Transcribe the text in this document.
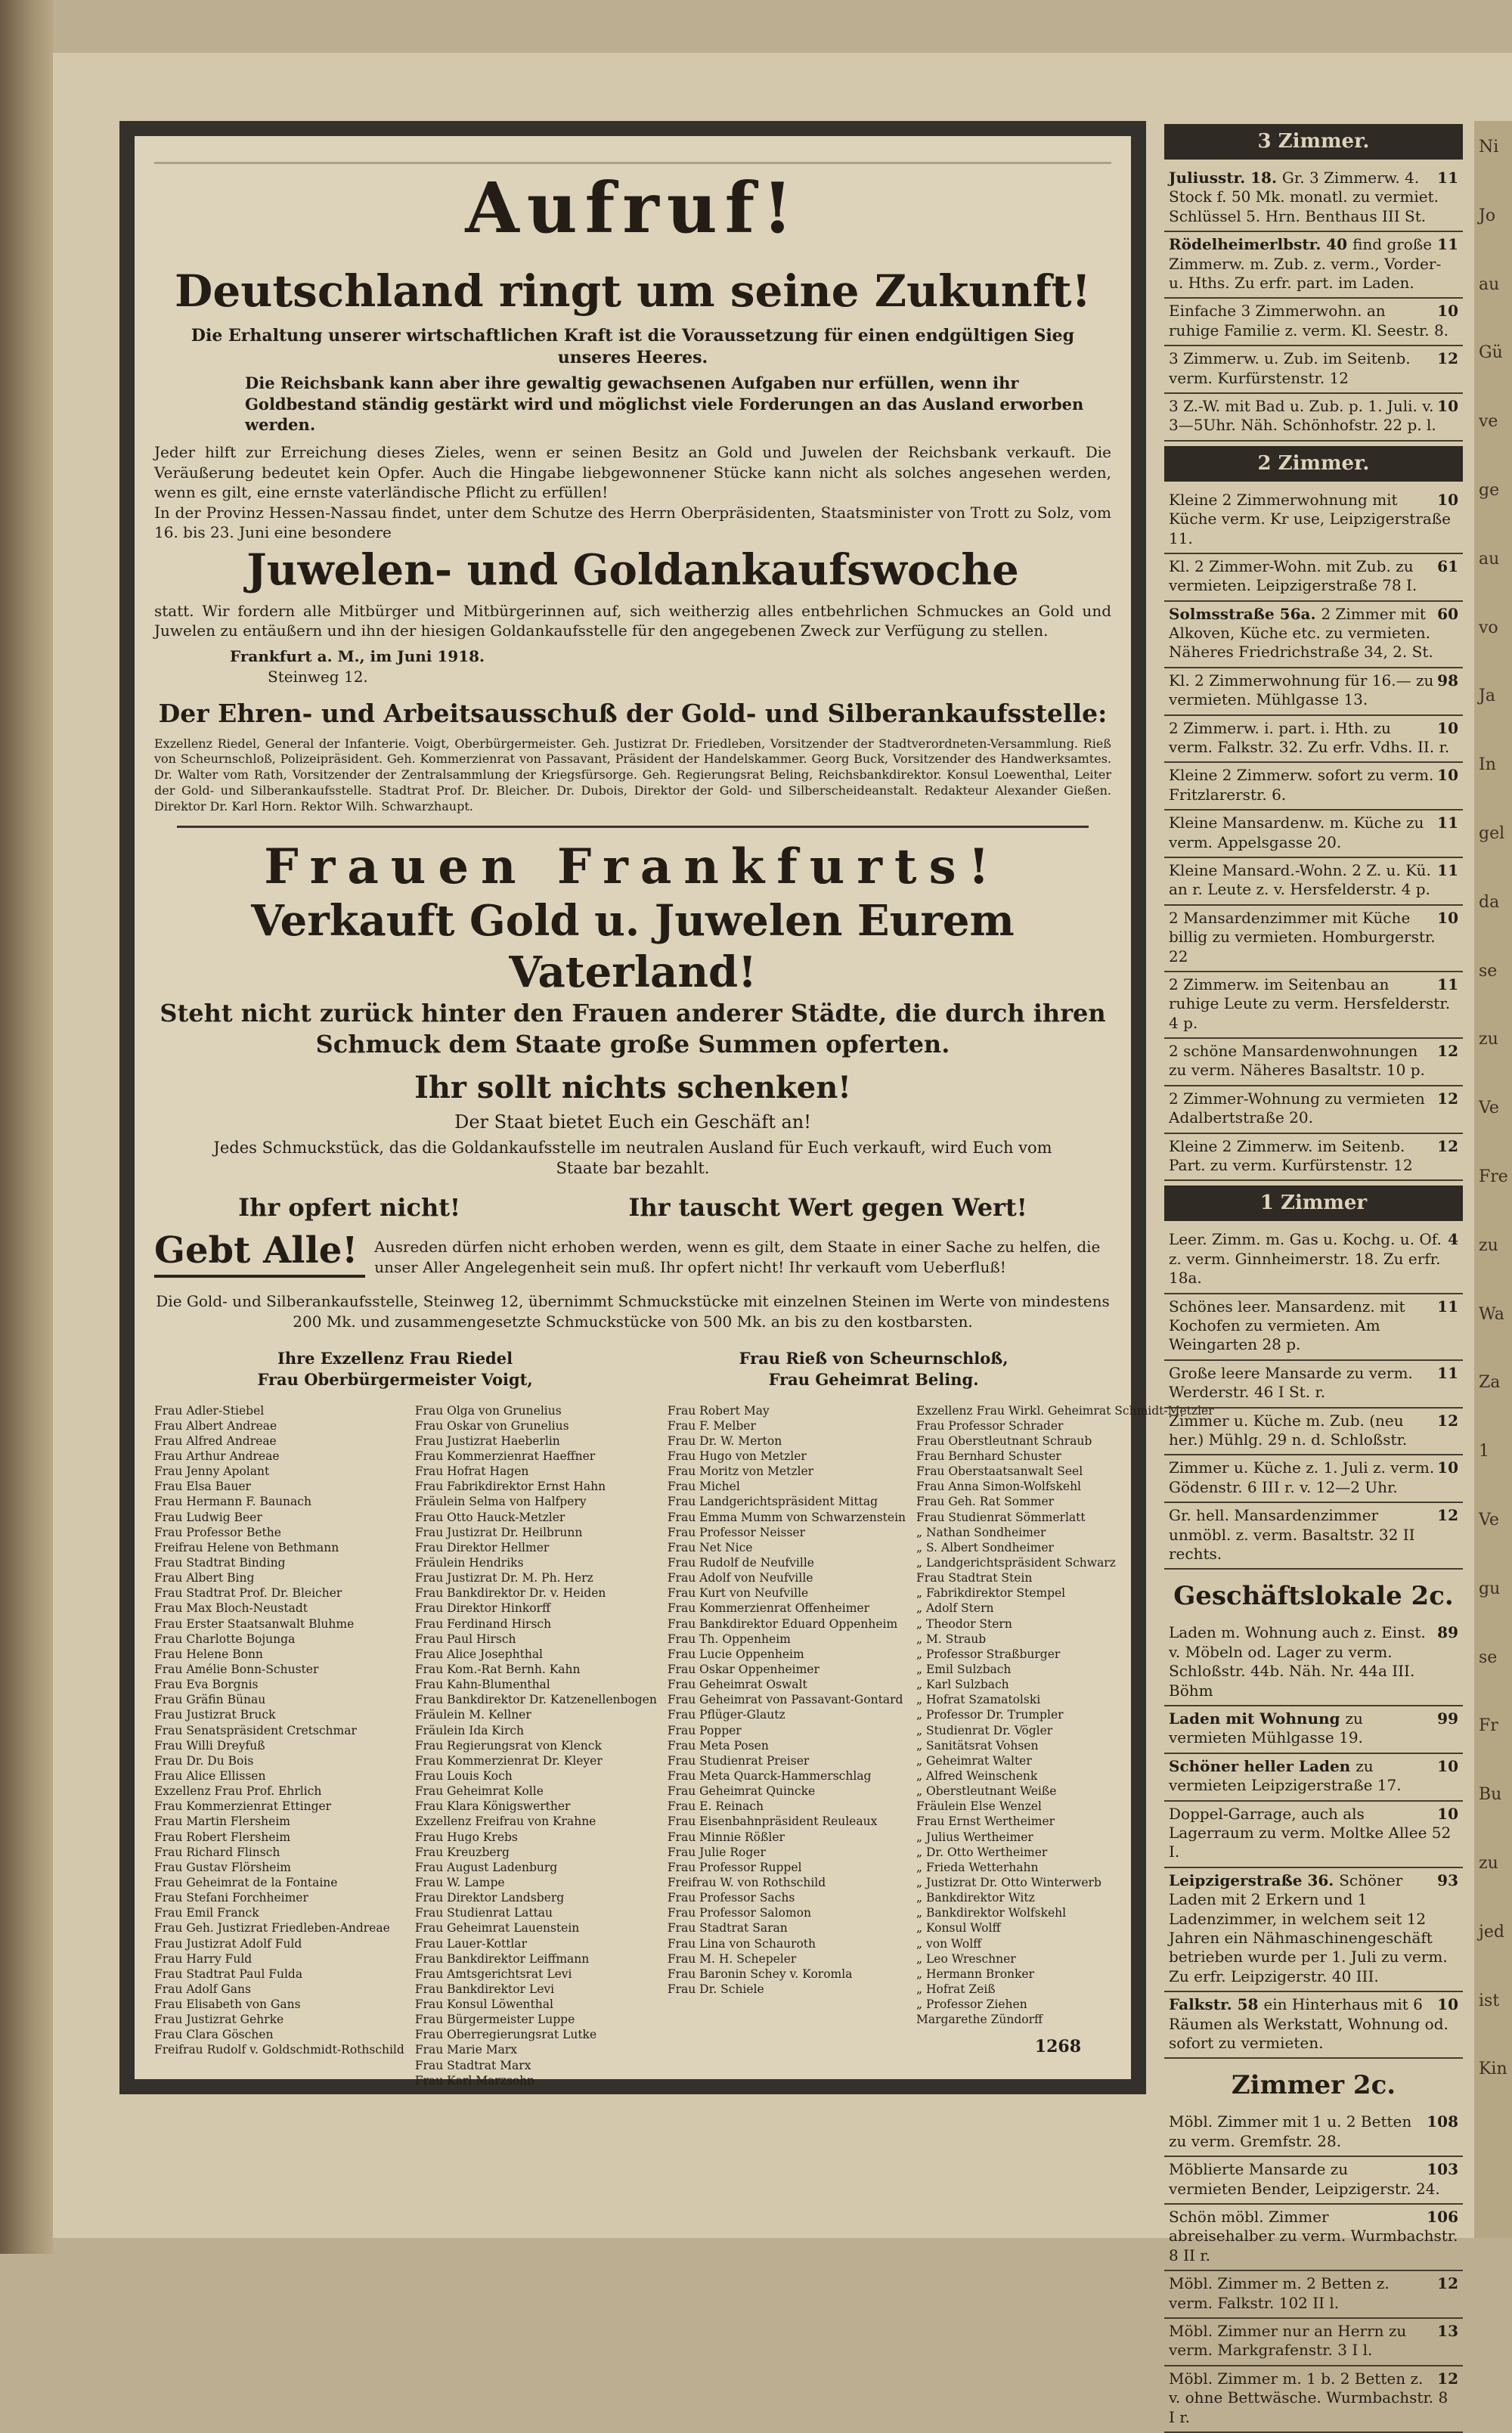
Aufruf!
Deutschland ringt um seine Zukunft!
Die Erhaltung unserer wirtschaftlichen Kraft ist die Voraussetzung für einen endgültigen Sieg unseres Heeres.
Die Reichsbank kann aber ihre gewaltig gewachsenen Aufgaben nur erfüllen, wenn ihr Goldbestand ständig gestärkt wird und möglichst viele Forderungen an das Ausland erworben werden.
Jeder hilft zur Erreichung dieses Zieles, wenn er seinen Besitz an Gold und Juwelen der Reichsbank verkauft. Die Veräußerung bedeutet kein Opfer. Auch die Hingabe liebgewonnener Stücke kann nicht als solches angesehen werden, wenn es gilt, eine ernste vaterländische Pflicht zu erfüllen!
In der Provinz Hessen-Nassau findet, unter dem Schutze des Herrn Oberpräsidenten, Staatsminister von Trott zu Solz, vom 16. bis 23. Juni eine besondere
Juwelen- und Goldankaufswoche
statt. Wir fordern alle Mitbürger und Mitbürgerinnen auf, sich weitherzig alles entbehrlichen Schmuckes an Gold und Juwelen zu entäußern und ihn der hiesigen Goldankaufsstelle für den angegebenen Zweck zur Verfügung zu stellen.
Frankfurt a. M., im Juni 1918.
Steinweg 12.
Der Ehren- und Arbeitsausschuß der Gold- und Silberankaufsstelle:
Exzellenz Riedel, General der Infanterie. Voigt, Oberbürgermeister. Geh. Justizrat Dr. Friedleben, Vorsitzender der Stadtverordneten-Versammlung. Rieß von Scheurnschloß, Polizeipräsident. Geh. Kommerzienrat von Passavant, Präsident der Handelskammer. Georg Buck, Vorsitzender des Handwerksamtes. Dr. Walter vom Rath, Vorsitzender der Zentralsammlung der Kriegsfürsorge. Geh. Regierungsrat Beling, Reichsbankdirektor. Konsul Loewenthal, Leiter der Gold- und Silberankaufsstelle. Stadtrat Prof. Dr. Bleicher. Dr. Dubois, Direktor der Gold- und Silberscheideanstalt. Redakteur Alexander Gießen. Direktor Dr. Karl Horn. Rektor Wilh. Schwarzhaupt.
Frauen Frankfurts!
Verkauft Gold u. Juwelen Eurem Vaterland!
Steht nicht zurück hinter den Frauen anderer Städte, die durch ihren Schmuck dem Staate große Summen opferten.
Ihr sollt nichts schenken!
Der Staat bietet Euch ein Geschäft an!
Jedes Schmuckstück, das die Goldankaufsstelle im neutralen Ausland für Euch verkauft, wird Euch vom Staate bar bezahlt.
Ihr opfert nicht!	Ihr tauscht Wert gegen Wert!
Gebt Alle!	Ausreden dürfen nicht erhoben werden, wenn es gilt, dem Staate in einer Sache zu helfen, die unser Aller Angelegenheit sein muß. Ihr opfert nicht! Ihr verkauft vom Ueberfluß!
Die Gold- und Silberankaufsstelle, Steinweg 12, übernimmt Schmuckstücke mit einzelnen Steinen im Werte von mindestens 200 Mk. und zusammengesetzte Schmuckstücke von 500 Mk. an bis zu den kostbarsten.
Ihre Exzellenz Frau Riedel
Frau Oberbürgermeister Voigt,
Frau Rieß von Scheurnschloß,
Frau Geheimrat Beling.
Frau Adler-Stiebel
Frau Albert Andreae
Frau Alfred Andreae
Frau Arthur Andreae
Frau Jenny Apolant
Frau Elsa Bauer
Frau Hermann F. Baunach
Frau Ludwig Beer
Frau Professor Bethe
Freifrau Helene von Bethmann
Frau Stadtrat Binding
Frau Albert Bing
Frau Stadtrat Prof. Dr. Bleicher
Frau Max Bloch-Neustadt
Frau Erster Staatsanwalt Bluhme
Frau Charlotte Bojunga
Frau Helene Bonn
Frau Amélie Bonn-Schuster
Frau Eva Borgnis
Frau Gräfin Bünau
Frau Justizrat Bruck
Frau Senatspräsident Cretschmar
Frau Willi Dreyfuß
Frau Dr. Du Bois
Frau Alice Ellissen
Exzellenz Frau Prof. Ehrlich
Frau Kommerzienrat Ettinger
Frau Martin Flersheim
Frau Robert Flersheim
Frau Richard Flinsch
Frau Gustav Flörsheim
Frau Geheimrat de la Fontaine
Frau Stefani Forchheimer
Frau Emil Franck
Frau Geh. Justizrat Friedleben-Andreae
Frau Justizrat Adolf Fuld
Frau Harry Fuld
Frau Stadtrat Paul Fulda
Frau Adolf Gans
Frau Elisabeth von Gans
Frau Justizrat Gehrke
Frau Clara Göschen
Freifrau Rudolf v. Goldschmidt-Rothschild
Frau Olga von Grunelius
Frau Oskar von Grunelius
Frau Justizrat Haeberlin
Frau Kommerzienrat Haeffner
Frau Hofrat Hagen
Frau Fabrikdirektor Ernst Hahn
Fräulein Selma von Halfpery
Frau Otto Hauck-Metzler
Frau Justizrat Dr. Heilbrunn
Frau Direktor Hellmer
Fräulein Hendriks
Frau Justizrat Dr. M. Ph. Herz
Frau Bankdirektor Dr. v. Heiden
Frau Direktor Hinkorff
Frau Ferdinand Hirsch
Frau Paul Hirsch
Frau Alice Josephthal
Frau Kom.-Rat Bernh. Kahn
Frau Kahn-Blumenthal
Frau Bankdirektor Dr. Katzenellenbogen
Fräulein M. Kellner
Fräulein Ida Kirch
Frau Regierungsrat von Klenck
Frau Kommerzienrat Dr. Kleyer
Frau Louis Koch
Frau Geheimrat Kolle
Frau Klara Königswerther
Exzellenz Freifrau von Krahne
Frau Hugo Krebs
Frau Kreuzberg
Frau August Ladenburg
Frau W. Lampe
Frau Direktor Landsberg
Frau Studienrat Lattau
Frau Geheimrat Lauenstein
Frau Lauer-Kottlar
Frau Bankdirektor Leiffmann
Frau Amtsgerichtsrat Levi
Frau Bankdirektor Levi
Frau Konsul Löwenthal
Frau Bürgermeister Luppe
Frau Oberregierungsrat Lutke
Frau Marie Marx
Frau Stadtrat Marx
Frau Karl Marzsohn
Frau Robert May
Frau F. Melber
Frau Dr. W. Merton
Frau Hugo von Metzler
Frau Moritz von Metzler
Frau Michel
Frau Landgerichtspräsident Mittag
Frau Emma Mumm von Schwarzenstein
Frau Professor Neisser
Frau Net Nice
Frau Rudolf de Neufville
Frau Adolf von Neufville
Frau Kurt von Neufville
Frau Kommerzienrat Offenheimer
Frau Bankdirektor Eduard Oppenheim
Frau Th. Oppenheim
Frau Lucie Oppenheim
Frau Oskar Oppenheimer
Frau Geheimrat Oswalt
Frau Geheimrat von Passavant-Gontard
Frau Pflüger-Glautz
Frau Popper
Frau Meta Posen
Frau Studienrat Preiser
Frau Meta Quarck-Hammerschlag
Frau Geheimrat Quincke
Frau E. Reinach
Frau Eisenbahnpräsident Reuleaux
Frau Minnie Rößler
Frau Julie Roger
Frau Professor Ruppel
Freifrau W. von Rothschild
Frau Professor Sachs
Frau Professor Salomon
Frau Stadtrat Saran
Frau Lina von Schauroth
Frau M. H. Schepeler
Frau Baronin Schey v. Koromla
Frau Dr. Schiele
Exzellenz Frau Wirkl. Geheimrat Schmidt-Metzler
Frau Professor Schrader
Frau Oberstleutnant Schraub
Frau Bernhard Schuster
Frau Oberstaatsanwalt Seel
Frau Anna Simon-Wolfskehl
Frau Geh. Rat Sommer
Frau Studienrat Sömmerlatt
„ Nathan Sondheimer
„ S. Albert Sondheimer
„ Landgerichtspräsident Schwarz
Frau Stadtrat Stein
„ Fabrikdirektor Stempel
„ Adolf Stern
„ Theodor Stern
„ M. Straub
„ Professor Straßburger
„ Emil Sulzbach
„ Karl Sulzbach
„ Hofrat Szamatolski
„ Professor Dr. Trumpler
„ Studienrat Dr. Vögler
„ Sanitätsrat Vohsen
„ Geheimrat Walter
„ Alfred Weinschenk
„ Oberstleutnant Weiße
Fräulein Else Wenzel
Frau Ernst Wertheimer
„ Julius Wertheimer
„ Dr. Otto Wertheimer
„ Frieda Wetterhahn
„ Justizrat Dr. Otto Winterwerb
„ Bankdirektor Witz
„ Bankdirektor Wolfskehl
„ Konsul Wolff
„ von Wolff
„ Leo Wreschner
„ Hermann Bronker
„ Hofrat Zeiß
„ Professor Ziehen
Margarethe Zündorff
1268
3 Zimmer.
11
Juliusstr. 18. Gr. 3 Zimmerw. 4. Stock f. 50 Mk. monatl. zu vermiet. Schlüssel 5. Hrn. Benthaus III St.
11
Rödelheimerlbstr. 40 find große Zimmerw. m. Zub. z. verm., Vorder- u. Hths. Zu erfr. part. im Laden.
10
Einfache 3 Zimmerwohn. an ruhige Familie z. verm. Kl. Seestr. 8.
12
3 Zimmerw. u. Zub. im Seitenb. verm. Kurfürstenstr. 12
10
3 Z.-W. mit Bad u. Zub. p. 1. Juli. v. 3—5Uhr. Näh. Schönhofstr. 22 p. l.
2 Zimmer.
10
Kleine 2 Zimmerwohnung mit Küche verm. Kr use, Leipzigerstraße 11.
61
Kl. 2 Zimmer-Wohn. mit Zub. zu vermieten. Leipzigerstraße 78 I.
60
Solmsstraße 56a. 2 Zimmer mit Alkoven, Küche etc. zu vermieten. Näheres Friedrichstraße 34, 2. St.
98
Kl. 2 Zimmerwohnung für 16.— zu vermieten. Mühlgasse 13.
10
2 Zimmerw. i. part. i. Hth. zu verm. Falkstr. 32. Zu erfr. Vdhs. II. r.
10
Kleine 2 Zimmerw. sofort zu verm. Fritzlarerstr. 6.
11
Kleine Mansardenw. m. Küche zu verm. Appelsgasse 20.
11
Kleine Mansard.-Wohn. 2 Z. u. Kü. an r. Leute z. v. Hersfelderstr. 4 p.
10
2 Mansardenzimmer mit Küche billig zu vermieten. Homburgerstr. 22
11
2 Zimmerw. im Seitenbau an ruhige Leute zu verm. Hersfelderstr. 4 p.
12
2 schöne Mansardenwohnungen zu verm. Näheres Basaltstr. 10 p.
12
2 Zimmer-Wohnung zu vermieten Adalbertstraße 20.
12
Kleine 2 Zimmerw. im Seitenb. Part. zu verm. Kurfürstenstr. 12
1 Zimmer
4
Leer. Zimm. m. Gas u. Kochg. u. Of. z. verm. Ginnheimerstr. 18. Zu erfr. 18a.
11
Schönes leer. Mansardenz. mit Kochofen zu vermieten. Am Weingarten 28 p.
11
Große leere Mansarde zu verm. Werderstr. 46 I St. r.
12
Zimmer u. Küche m. Zub. (neu her.) Mühlg. 29 n. d. Schloßstr.
10
Zimmer u. Küche z. 1. Juli z. verm. Gödenstr. 6 III r. v. 12—2 Uhr.
12
Gr. hell. Mansardenzimmer unmöbl. z. verm. Basaltstr. 32 II rechts.
Geschäftslokale 2c.
89
Laden m. Wohnung auch z. Einst. v. Möbeln od. Lager zu verm. Schloßstr. 44b. Näh. Nr. 44a III. Böhm
99
Laden mit Wohnung zu vermieten Mühlgasse 19.
10
Schöner heller Laden zu vermieten Leipzigerstraße 17.
10
Doppel-Garrage, auch als Lagerraum zu verm. Moltke Allee 52 I.
93
Leipzigerstraße 36. Schöner Laden mit 2 Erkern und 1 Ladenzimmer, in welchem seit 12 Jahren ein Nähmaschinengeschäft betrieben wurde per 1. Juli zu verm. Zu erfr. Leipzigerstr. 40 III.
10
Falkstr. 58 ein Hinterhaus mit 6 Räumen als Werkstatt, Wohnung od. sofort zu vermieten.
Zimmer 2c.
108
Möbl. Zimmer mit 1 u. 2 Betten zu verm. Gremfstr. 28.
103
Möblierte Mansarde zu vermieten Bender, Leipzigerstr. 24.
106
Schön möbl. Zimmer abreisehalber zu verm. Wurmbachstr. 8 II r.
12
Möbl. Zimmer m. 2 Betten z. verm. Falkstr. 102 II l.
13
Möbl. Zimmer nur an Herrn zu verm. Markgrafenstr. 3 I l.
12
Möbl. Zimmer m. 1 b. 2 Betten z. v. ohne Bettwäsche. Wurmbachstr. 8 I r.
Ni
Jo
au
Gü
ve
ge
au
vo
Ja
In
gel
da
se
zu
Ve
Fre
zu
Wa
Za
1
Ve
gu
se
Fr
Bu
zu
jed
ist
Kin
